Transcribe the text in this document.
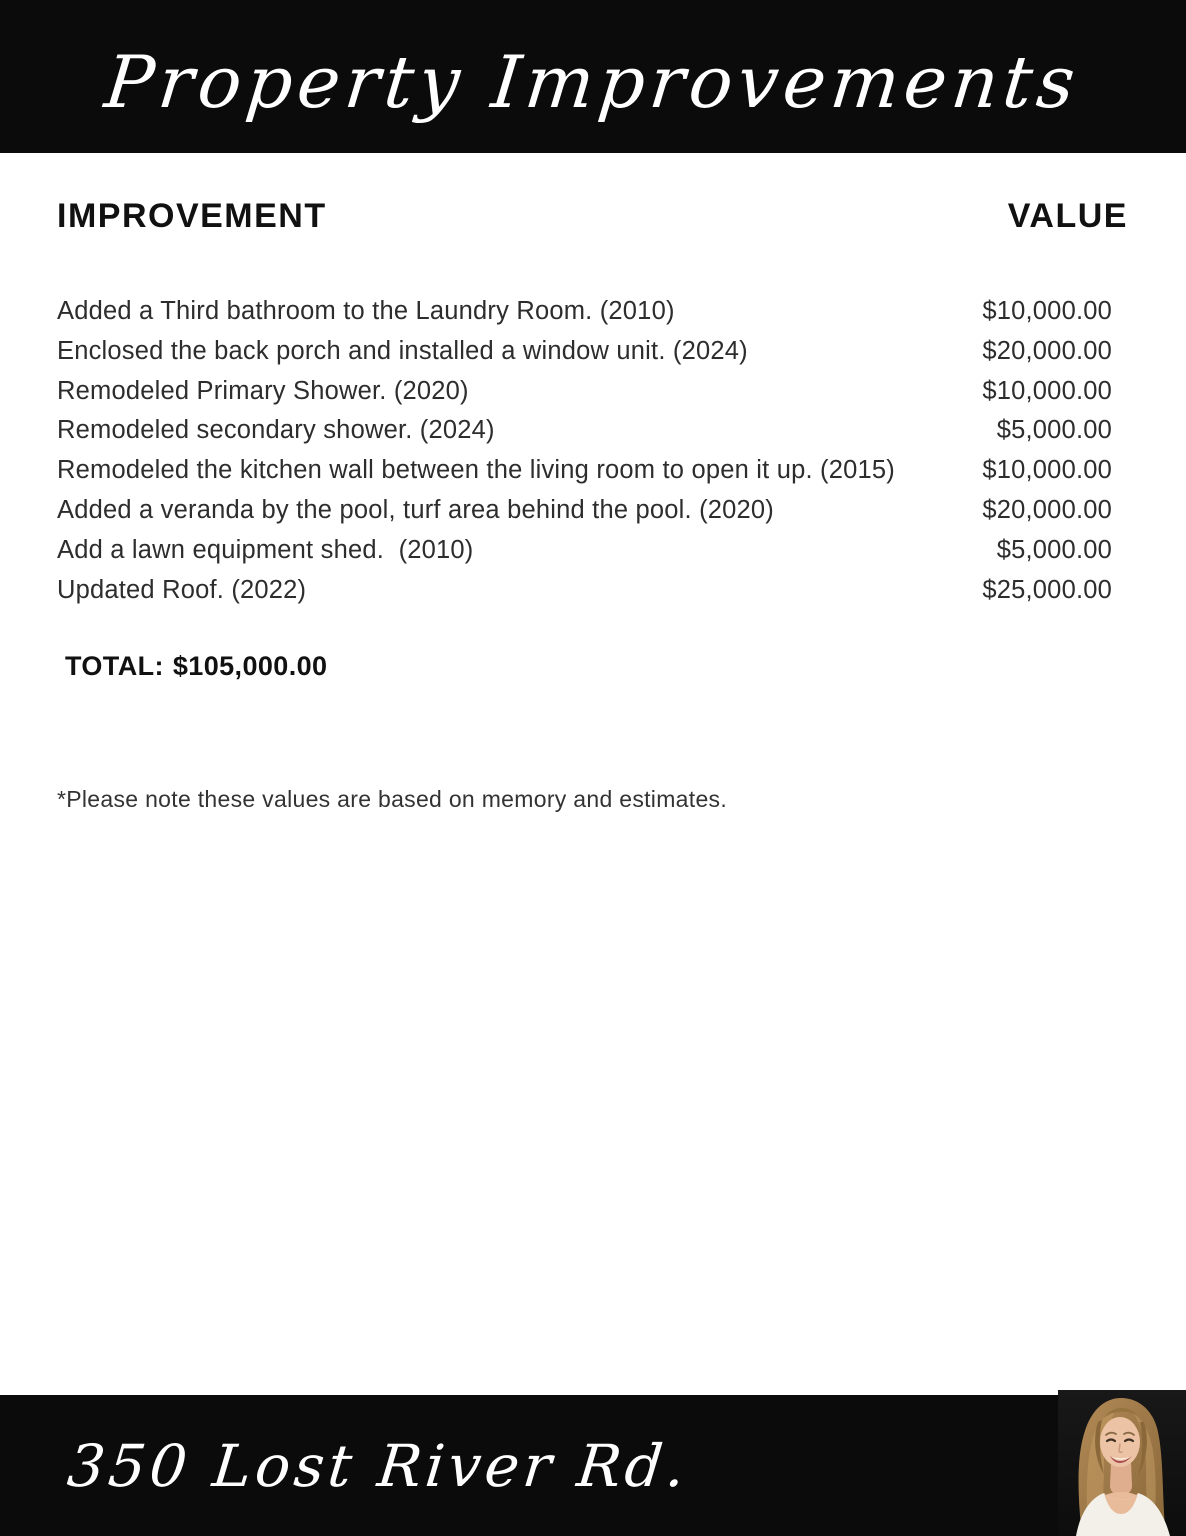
Property Improvements
IMPROVEMENT	VALUE
Added a Third bathroom to the Laundry Room. (2010)	$10,000.00
Enclosed the back porch and installed a window unit. (2024)	$20,000.00
Remodeled Primary Shower. (2020)	$10,000.00
Remodeled secondary shower. (2024)	$5,000.00
Remodeled the kitchen wall between the living room to open it up. (2015)	$10,000.00
Added a veranda by the pool, turf area behind the pool. (2020)	$20,000.00
Add a lawn equipment shed.  (2010)	$5,000.00
Updated Roof. (2022)	$25,000.00
TOTAL: $105,000.00
*Please note these values are based on memory and estimates.
350 Lost River Rd.
